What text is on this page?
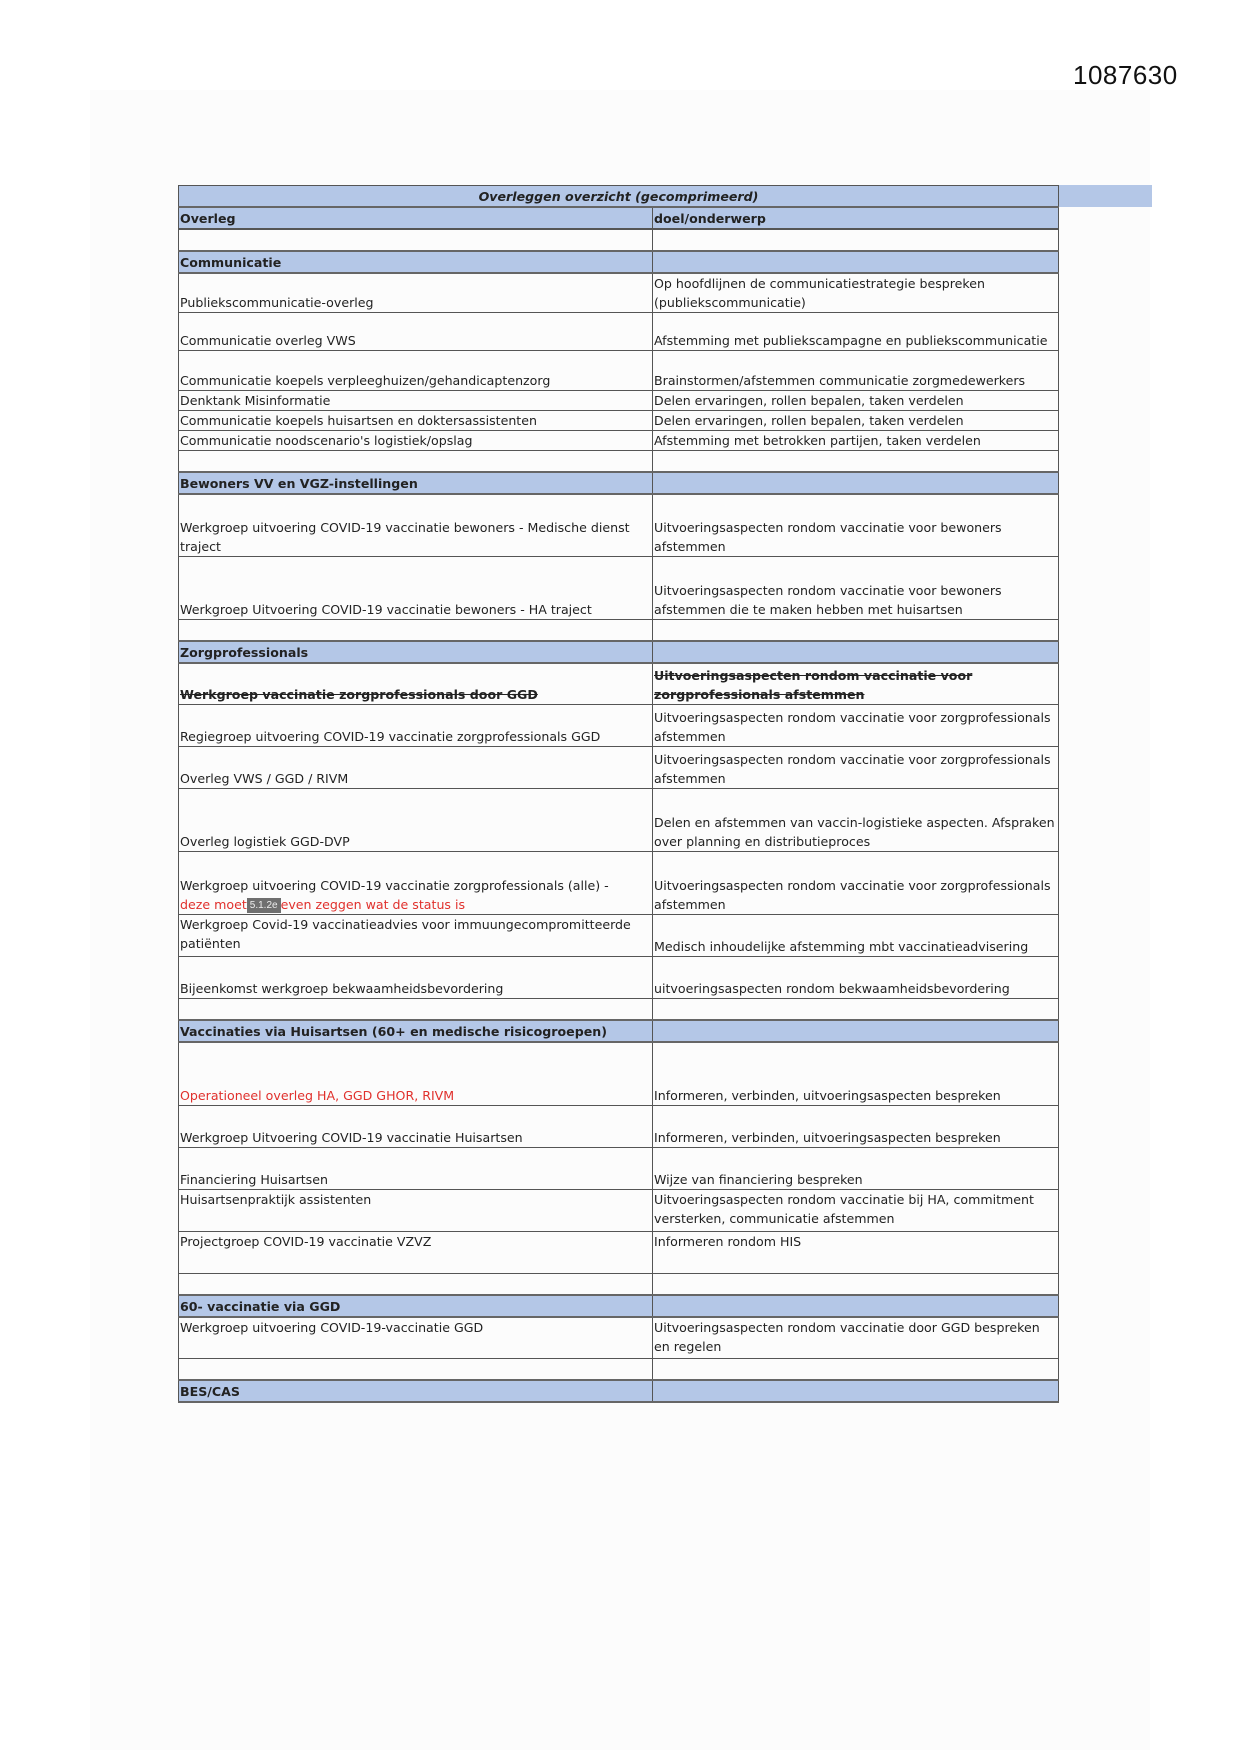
1087630
Overleggen overzicht (gecomprimeerd)	
Overleg	doel/onderwerp

Communicatie	
Publiekscommunicatie-overleg	Op hoofdlijnen de communicatiestrategie bespreken (publiekscommunicatie)
Communicatie overleg VWS	Afstemming met publiekscampagne en publiekscommunicatie
Communicatie koepels verpleeghuizen/gehandicaptenzorg	Brainstormen/afstemmen communicatie zorgmedewerkers
Denktank Misinformatie	Delen ervaringen, rollen bepalen, taken verdelen
Communicatie koepels huisartsen en doktersassistenten	Delen ervaringen, rollen bepalen, taken verdelen
Communicatie noodscenario's logistiek/opslag	Afstemming met betrokken partijen, taken verdelen

Bewoners VV en VGZ-instellingen	
Werkgroep uitvoering COVID-19 vaccinatie bewoners - Medische dienst traject	Uitvoeringsaspecten rondom vaccinatie voor bewoners afstemmen
Werkgroep Uitvoering COVID-19 vaccinatie bewoners - HA traject	Uitvoeringsaspecten rondom vaccinatie voor bewoners afstemmen die te maken hebben met huisartsen

Zorgprofessionals	
Werkgroep vaccinatie zorgprofessionals door GGD	Uitvoeringsaspecten rondom vaccinatie voor zorgprofessionals afstemmen
Regiegroep uitvoering COVID-19 vaccinatie zorgprofessionals GGD	Uitvoeringsaspecten rondom vaccinatie voor zorgprofessionals afstemmen
Overleg VWS / GGD / RIVM	Uitvoeringsaspecten rondom vaccinatie voor zorgprofessionals afstemmen
Overleg logistiek GGD-DVP	Delen en afstemmen van vaccin-logistieke aspecten. Afspraken over planning en distributieproces
Werkgroep uitvoering COVID-19 vaccinatie zorgprofessionals (alle) -
deze moet 5.1.2e even zeggen wat de status is	Uitvoeringsaspecten rondom vaccinatie voor zorgprofessionals afstemmen
Werkgroep Covid-19 vaccinatieadvies voor immuungecompromitteerde patiënten	Medisch inhoudelijke afstemming mbt vaccinatieadvisering
Bijeenkomst werkgroep bekwaamheidsbevordering	uitvoeringsaspecten rondom bekwaamheidsbevordering

Vaccinaties via Huisartsen (60+ en medische risicogroepen)	
Operationeel overleg HA, GGD GHOR, RIVM	Informeren, verbinden, uitvoeringsaspecten bespreken
Werkgroep Uitvoering COVID-19 vaccinatie Huisartsen	Informeren, verbinden, uitvoeringsaspecten bespreken
Financiering Huisartsen	Wijze van financiering bespreken
Huisartsenpraktijk assistenten	Uitvoeringsaspecten rondom vaccinatie bij HA, commitment versterken, communicatie afstemmen
Projectgroep COVID-19 vaccinatie VZVZ	Informeren rondom HIS

60- vaccinatie via GGD	
Werkgroep uitvoering COVID-19-vaccinatie GGD	Uitvoeringsaspecten rondom vaccinatie door GGD bespreken en regelen

BES/CAS	
